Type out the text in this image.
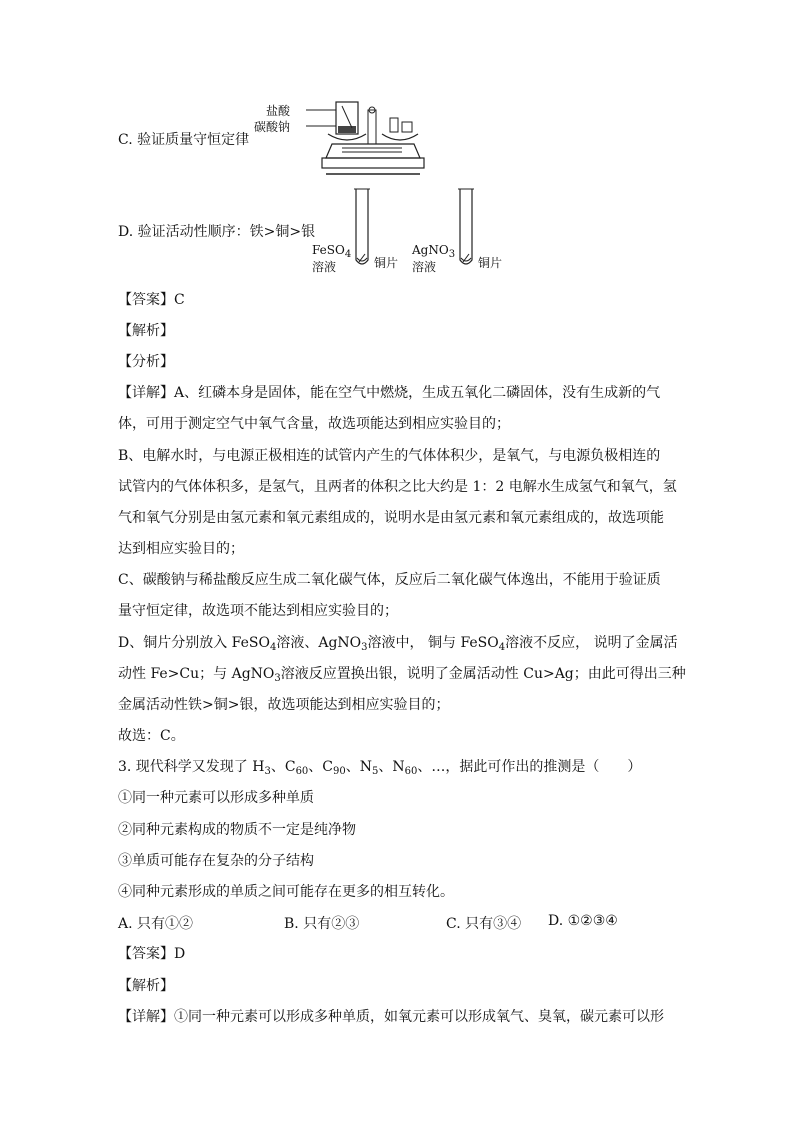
C. 验证质量守恒定律
盐酸
碳酸钠
D. 验证活动性顺序：铁>铜>银
FeSO$_4$
溶液	铜片
AgNO$_3$
溶液	铜片
【答案】C
【解析】
【分析】
【详解】A、红磷本身是固体，能在空气中燃烧，生成五氧化二磷固体，没有生成新的气
体，可用于测定空气中氧气含量，故选项能达到相应实验目的；
B、电解水时，与电源正极相连的试管内产生的气体体积少，是氧气，与电源负极相连的
试管内的气体体积多，是氢气，且两者的体积之比大约是 1：2 电解水生成氢气和氧气，氢
气和氧气分别是由氢元素和氧元素组成的，说明水是由氢元素和氧元素组成的，故选项能
达到相应实验目的；
C、碳酸钠与稀盐酸反应生成二氧化碳气体，反应后二氧化碳气体逸出，不能用于验证质
量守恒定律，故选项不能达到相应实验目的；
D、铜片分别放入 FeSO$_4$溶液、AgNO$_3$溶液中， 铜与 FeSO$_4$溶液不反应， 说明了金属活
动性 Fe>Cu；与 AgNO$_3$溶液反应置换出银，说明了金属活动性 Cu>Ag；由此可得出三种
金属活动性铁>铜>银，故选项能达到相应实验目的；
故选：C。
3. 现代科学又发现了 $H_3$、$C_{60}$、$C_{90}$、$N_5$、$N_{60}$、…，据此可作出的推测是（　　）
①同一种元素可以形成多种单质
②同种元素构成的物质不一定是纯净物
③单质可能存在复杂的分子结构
④同种元素形成的单质之间可能存在更多的相互转化。
A. 只有①②	B. 只有②③	C. 只有③④ D. ①②③④
【答案】D
【解析】
【详解】①同一种元素可以形成多种单质，如氧元素可以形成氧气、臭氧，碳元素可以形
